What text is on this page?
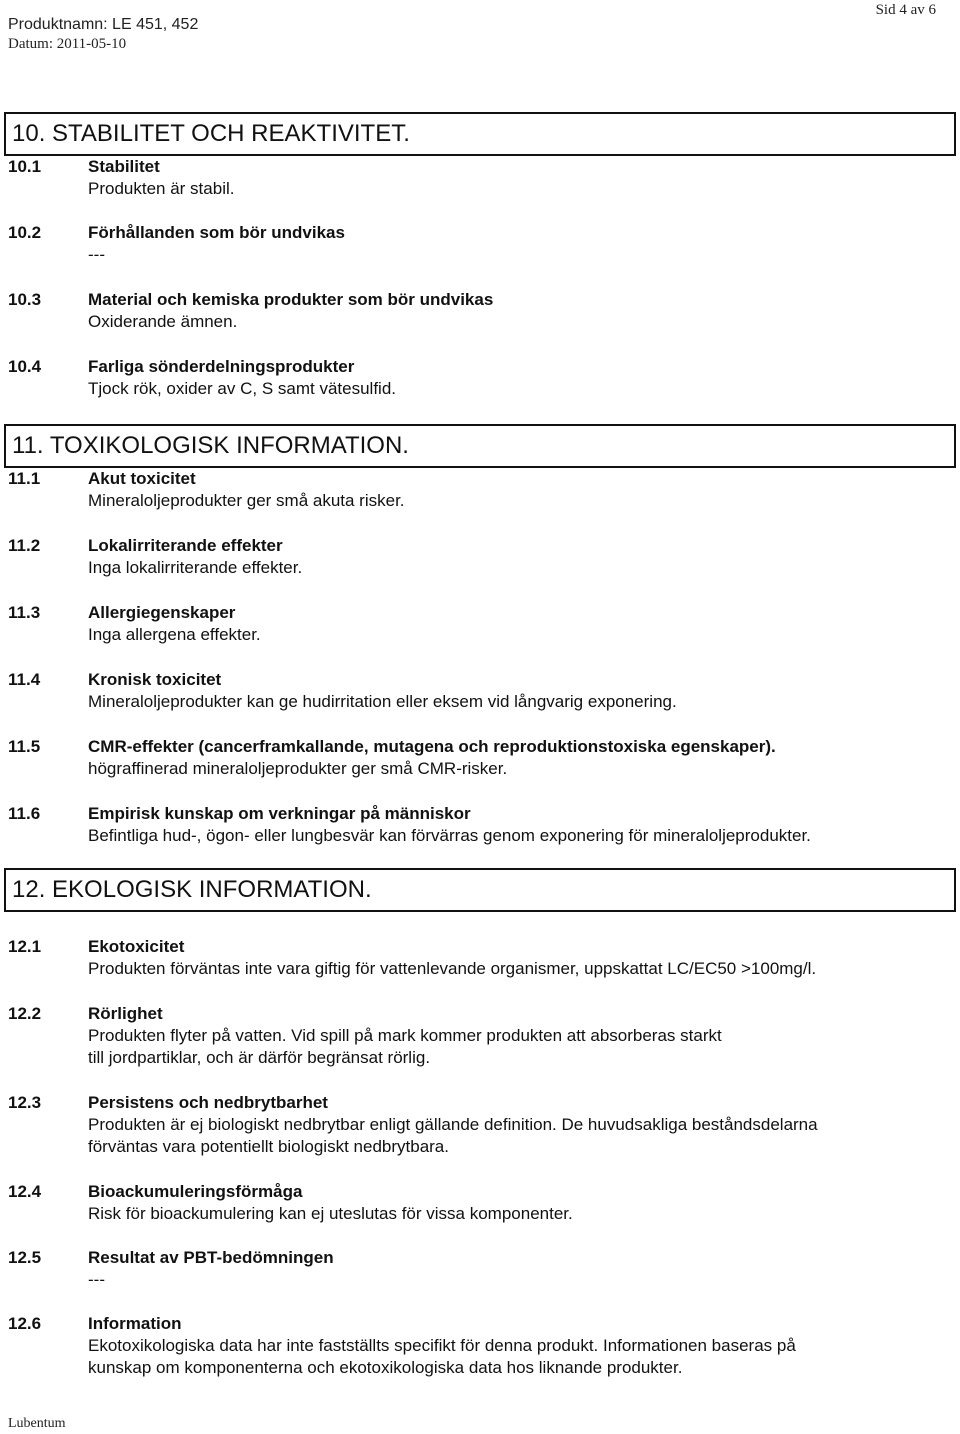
Produktnamn: LE 451, 452
Datum: 2011-05-10
Sid 4 av 6
10. STABILITET OCH REAKTIVITET.
11. TOXIKOLOGISK INFORMATION.
12. EKOLOGISK INFORMATION.
10.1	Stabilitet
Produkten är stabil.
10.2	Förhållanden som bör undvikas
---
10.3	Material och kemiska produkter som bör undvikas
Oxiderande ämnen.
10.4	Farliga sönderdelningsprodukter
Tjock rök, oxider av C, S samt vätesulfid.
11.1	Akut toxicitet
Mineraloljeprodukter ger små akuta risker.
11.2	Lokalirriterande effekter
Inga lokalirriterande effekter.
11.3	Allergiegenskaper
Inga allergena effekter.
11.4	Kronisk toxicitet
Mineraloljeprodukter kan ge hudirritation eller eksem vid långvarig exponering.
11.5	CMR-effekter (cancerframkallande, mutagena och reproduktionstoxiska egenskaper).
högraffinerad mineraloljeprodukter ger små CMR-risker.
11.6	Empirisk kunskap om verkningar på människor
Befintliga hud-, ögon- eller lungbesvär kan förvärras genom exponering för mineraloljeprodukter.
12.1	Ekotoxicitet
Produkten förväntas inte vara giftig för vattenlevande organismer, uppskattat LC/EC50 >100mg/l.
12.2	Rörlighet
Produkten flyter på vatten. Vid spill på mark kommer produkten att absorberas starkt
till jordpartiklar, och är därför begränsat rörlig.
12.3	Persistens och nedbrytbarhet
Produkten är ej biologiskt nedbrytbar enligt gällande definition. De huvudsakliga beståndsdelarna
förväntas vara potentiellt biologiskt nedbrytbara.
12.4	Bioackumuleringsförmåga
Risk för bioackumulering kan ej uteslutas för vissa komponenter.
12.5	Resultat av PBT-bedömningen
---
12.6	Information
Ekotoxikologiska data har inte fastställts specifikt för denna produkt. Informationen baseras på
kunskap om komponenterna och ekotoxikologiska data hos liknande produkter.
Lubentum
